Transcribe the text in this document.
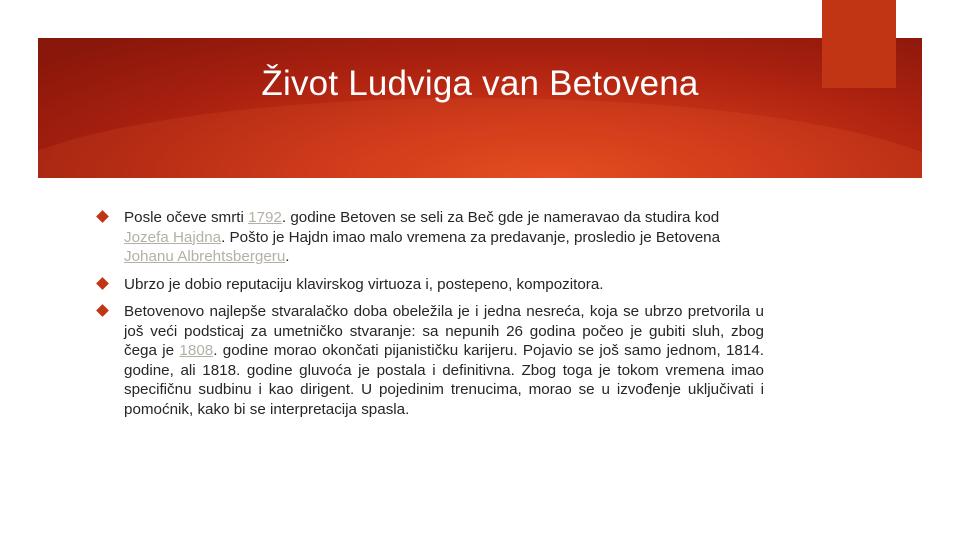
Život Ludviga van Betovena
Posle očeve smrti 1792. godine Betoven se seli za Beč gde je nameravao da studira kod Jozefa Hajdna. Pošto je Hajdn imao malo vremena za predavanje, prosledio je Betovena Johanu Albrehtsbergeru.
Ubrzo je dobio reputaciju klavirskog virtuoza i, postepeno, kompozitora.
Betovenovo najlepše stvaralačko doba obeležila je i jedna nesreća, koja se ubrzo pretvorila u još veći podsticaj za umetničko stvaranje: sa nepunih 26 godina počeo je gubiti sluh, zbog čega je 1808. godine morao okončati pijanističku karijeru. Pojavio se još samo jednom, 1814. godine, ali 1818. godine gluvoća je postala i definitivna. Zbog toga je tokom vremena imao specifičnu sudbinu i kao dirigent. U pojedinim trenucima, morao se u izvođenje uključivati i pomoćnik, kako bi se interpretacija spasla.
